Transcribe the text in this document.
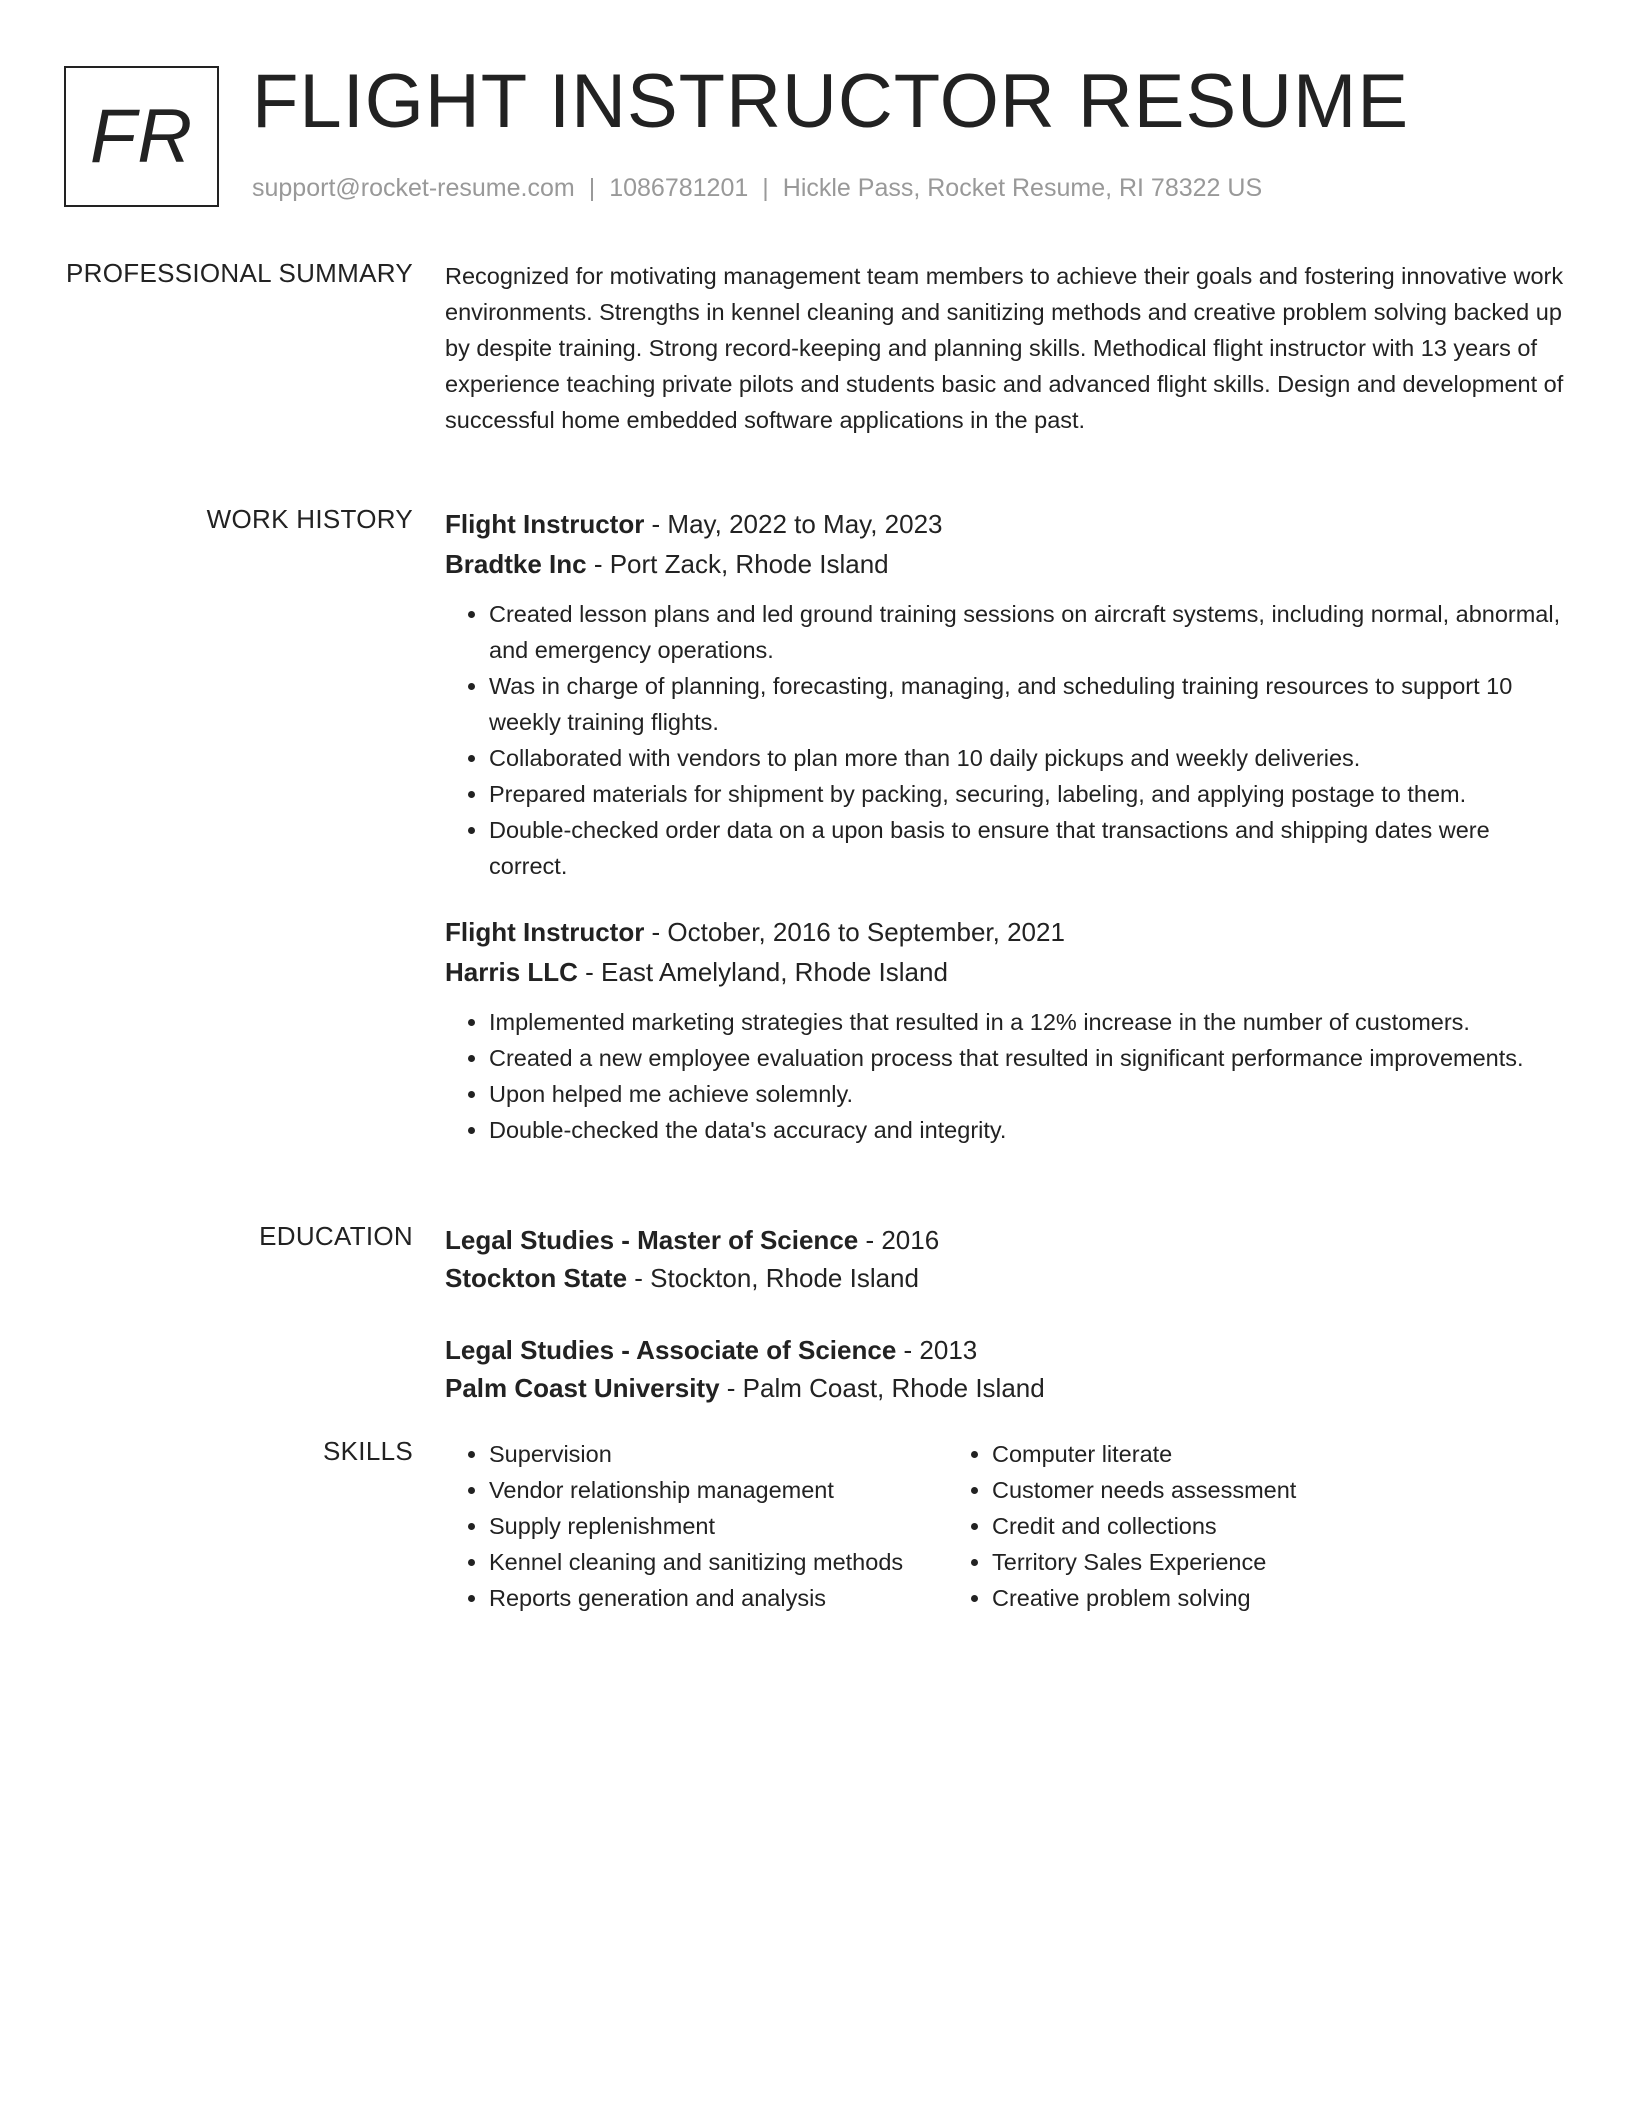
FR FLIGHT INSTRUCTOR RESUME
support@rocket-resume.com | 1086781201 | Hickle Pass, Rocket Resume, RI 78322 US
PROFESSIONAL SUMMARY Recognized for motivating management team members to achieve their goals and fostering innovative work environments. Strengths in kennel cleaning and sanitizing methods and creative problem solving backed up by despite training. Strong record-keeping and planning skills. Methodical flight instructor with 13 years of experience teaching private pilots and students basic and advanced flight skills. Design and development of successful home embedded software applications in the past.

WORK HISTORY Flight Instructor - May, 2022 to May, 2023
Bradtke Inc - Port Zack, Rhode Island
• Created lesson plans and led ground training sessions on aircraft systems, including normal, abnormal, and emergency operations.
• Was in charge of planning, forecasting, managing, and scheduling training resources to support 10 weekly training flights.
• Collaborated with vendors to plan more than 10 daily pickups and weekly deliveries.
• Prepared materials for shipment by packing, securing, labeling, and applying postage to them.
• Double-checked order data on a upon basis to ensure that transactions and shipping dates were correct.
Flight Instructor - October, 2016 to September, 2021
Harris LLC - East Amelyland, Rhode Island
• Implemented marketing strategies that resulted in a 12% increase in the number of customers.
• Created a new employee evaluation process that resulted in significant performance improvements.
• Upon helped me achieve solemnly.
• Double-checked the data's accuracy and integrity.
EDUCATION Legal Studies - Master of Science - 2016
Stockton State - Stockton, Rhode Island
Legal Studies - Associate of Science - 2013
Palm Coast University - Palm Coast, Rhode Island
SKILLS
•	Supervision
• Vendor relationship management
• Supply replenishment
• Kennel cleaning and sanitizing methods
• Reports generation and analysis
• Computer literate
• Customer needs assessment
• Credit and collections
• Territory Sales Experience
• Creative problem solving
